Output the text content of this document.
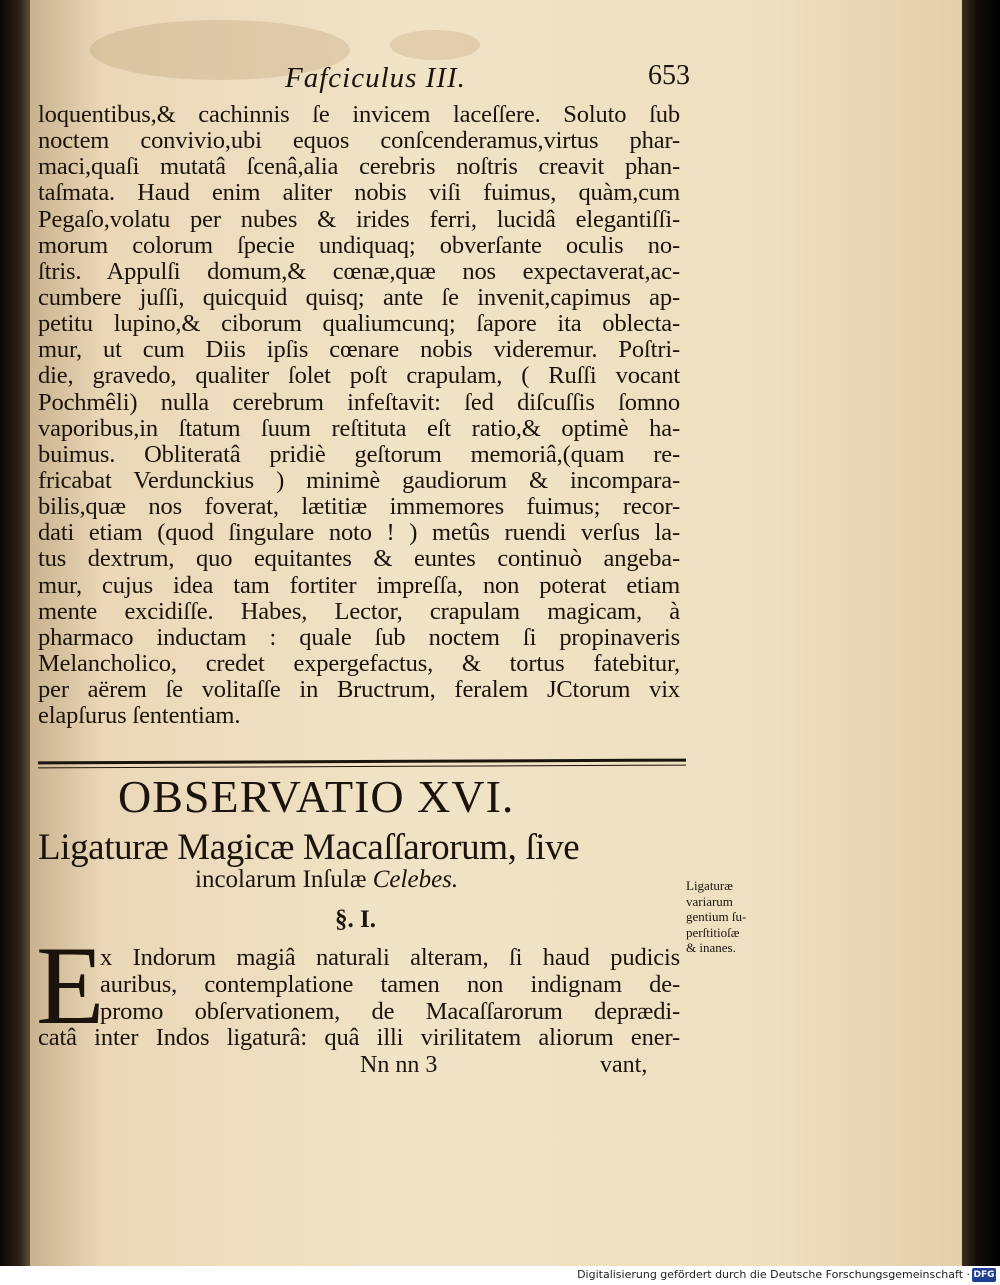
Fafciculus III.	653
loquentibus,& cachinnis ſe invicem laceſſere. Soluto ſub
noctem convivio,ubi equos conſcenderamus,virtus phar-
maci,quaſi mutatâ ſcenâ,alia cerebris noſtris creavit phan-
taſmata. Haud enim aliter nobis viſi fuimus, quàm,cum
Pegaſo,volatu per nubes & irides ferri, lucidâ elegantiſſi-
morum colorum ſpecie undiquaq; obverſante oculis no-
ſtris. Appulſi domum,& cœnæ,quæ nos expectaverat,ac-
cumbere juſſi, quicquid quisq; ante ſe invenit,capimus ap-
petitu lupino,& ciborum qualiumcunq; ſapore ita oblecta-
mur, ut cum Diis ipſis cœnare nobis videremur. Poſtri-
die, gravedo, qualiter ſolet poſt crapulam, ( Ruſſi vocant
Pochmêli) nulla cerebrum infeſtavit: ſed diſcuſſis ſomno
vaporibus,in ſtatum ſuum reſtituta eſt ratio,& optimè ha-
buimus. Obliteratâ pridiè geſtorum memoriâ,(quam re-
fricabat Verdunckius ) minimè gaudiorum & incompara-
bilis,quæ nos foverat, lætitiæ immemores fuimus; recor-
dati etiam (quod ſingulare noto ! ) metûs ruendi verſus la-
tus dextrum, quo equitantes & euntes continuò angeba-
mur, cujus idea tam fortiter impreſſa, non poterat etiam
mente excidiſſe. Habes, Lector, crapulam magicam, à
pharmaco inductam : quale ſub noctem ſi propinaveris
Melancholico, credet expergefactus, & tortus fatebitur,
per aërem ſe volitaſſe in Bructrum, feralem JCtorum vix
elapſurus ſententiam.
OBSERVATIO XVI.
Ligaturæ Magicæ Macaſſarorum, ſive
incolarum Inſulæ Celebes.
§. I.
E
x Indorum magiâ naturali alteram, ſi haud pudicis
auribus, contemplatione tamen non indignam de-
promo obſervationem, de Macaſſarorum deprædi-
catâ inter Indos ligaturâ: quâ illi virilitatem aliorum ener-
Nn nn 3	vant,
Ligaturæ
variarum
gentium ſu-
perſtitioſæ
& inanes.
Digitalisierung gefördert durch die Deutsche Forschungsgemeinschaft · DFG
